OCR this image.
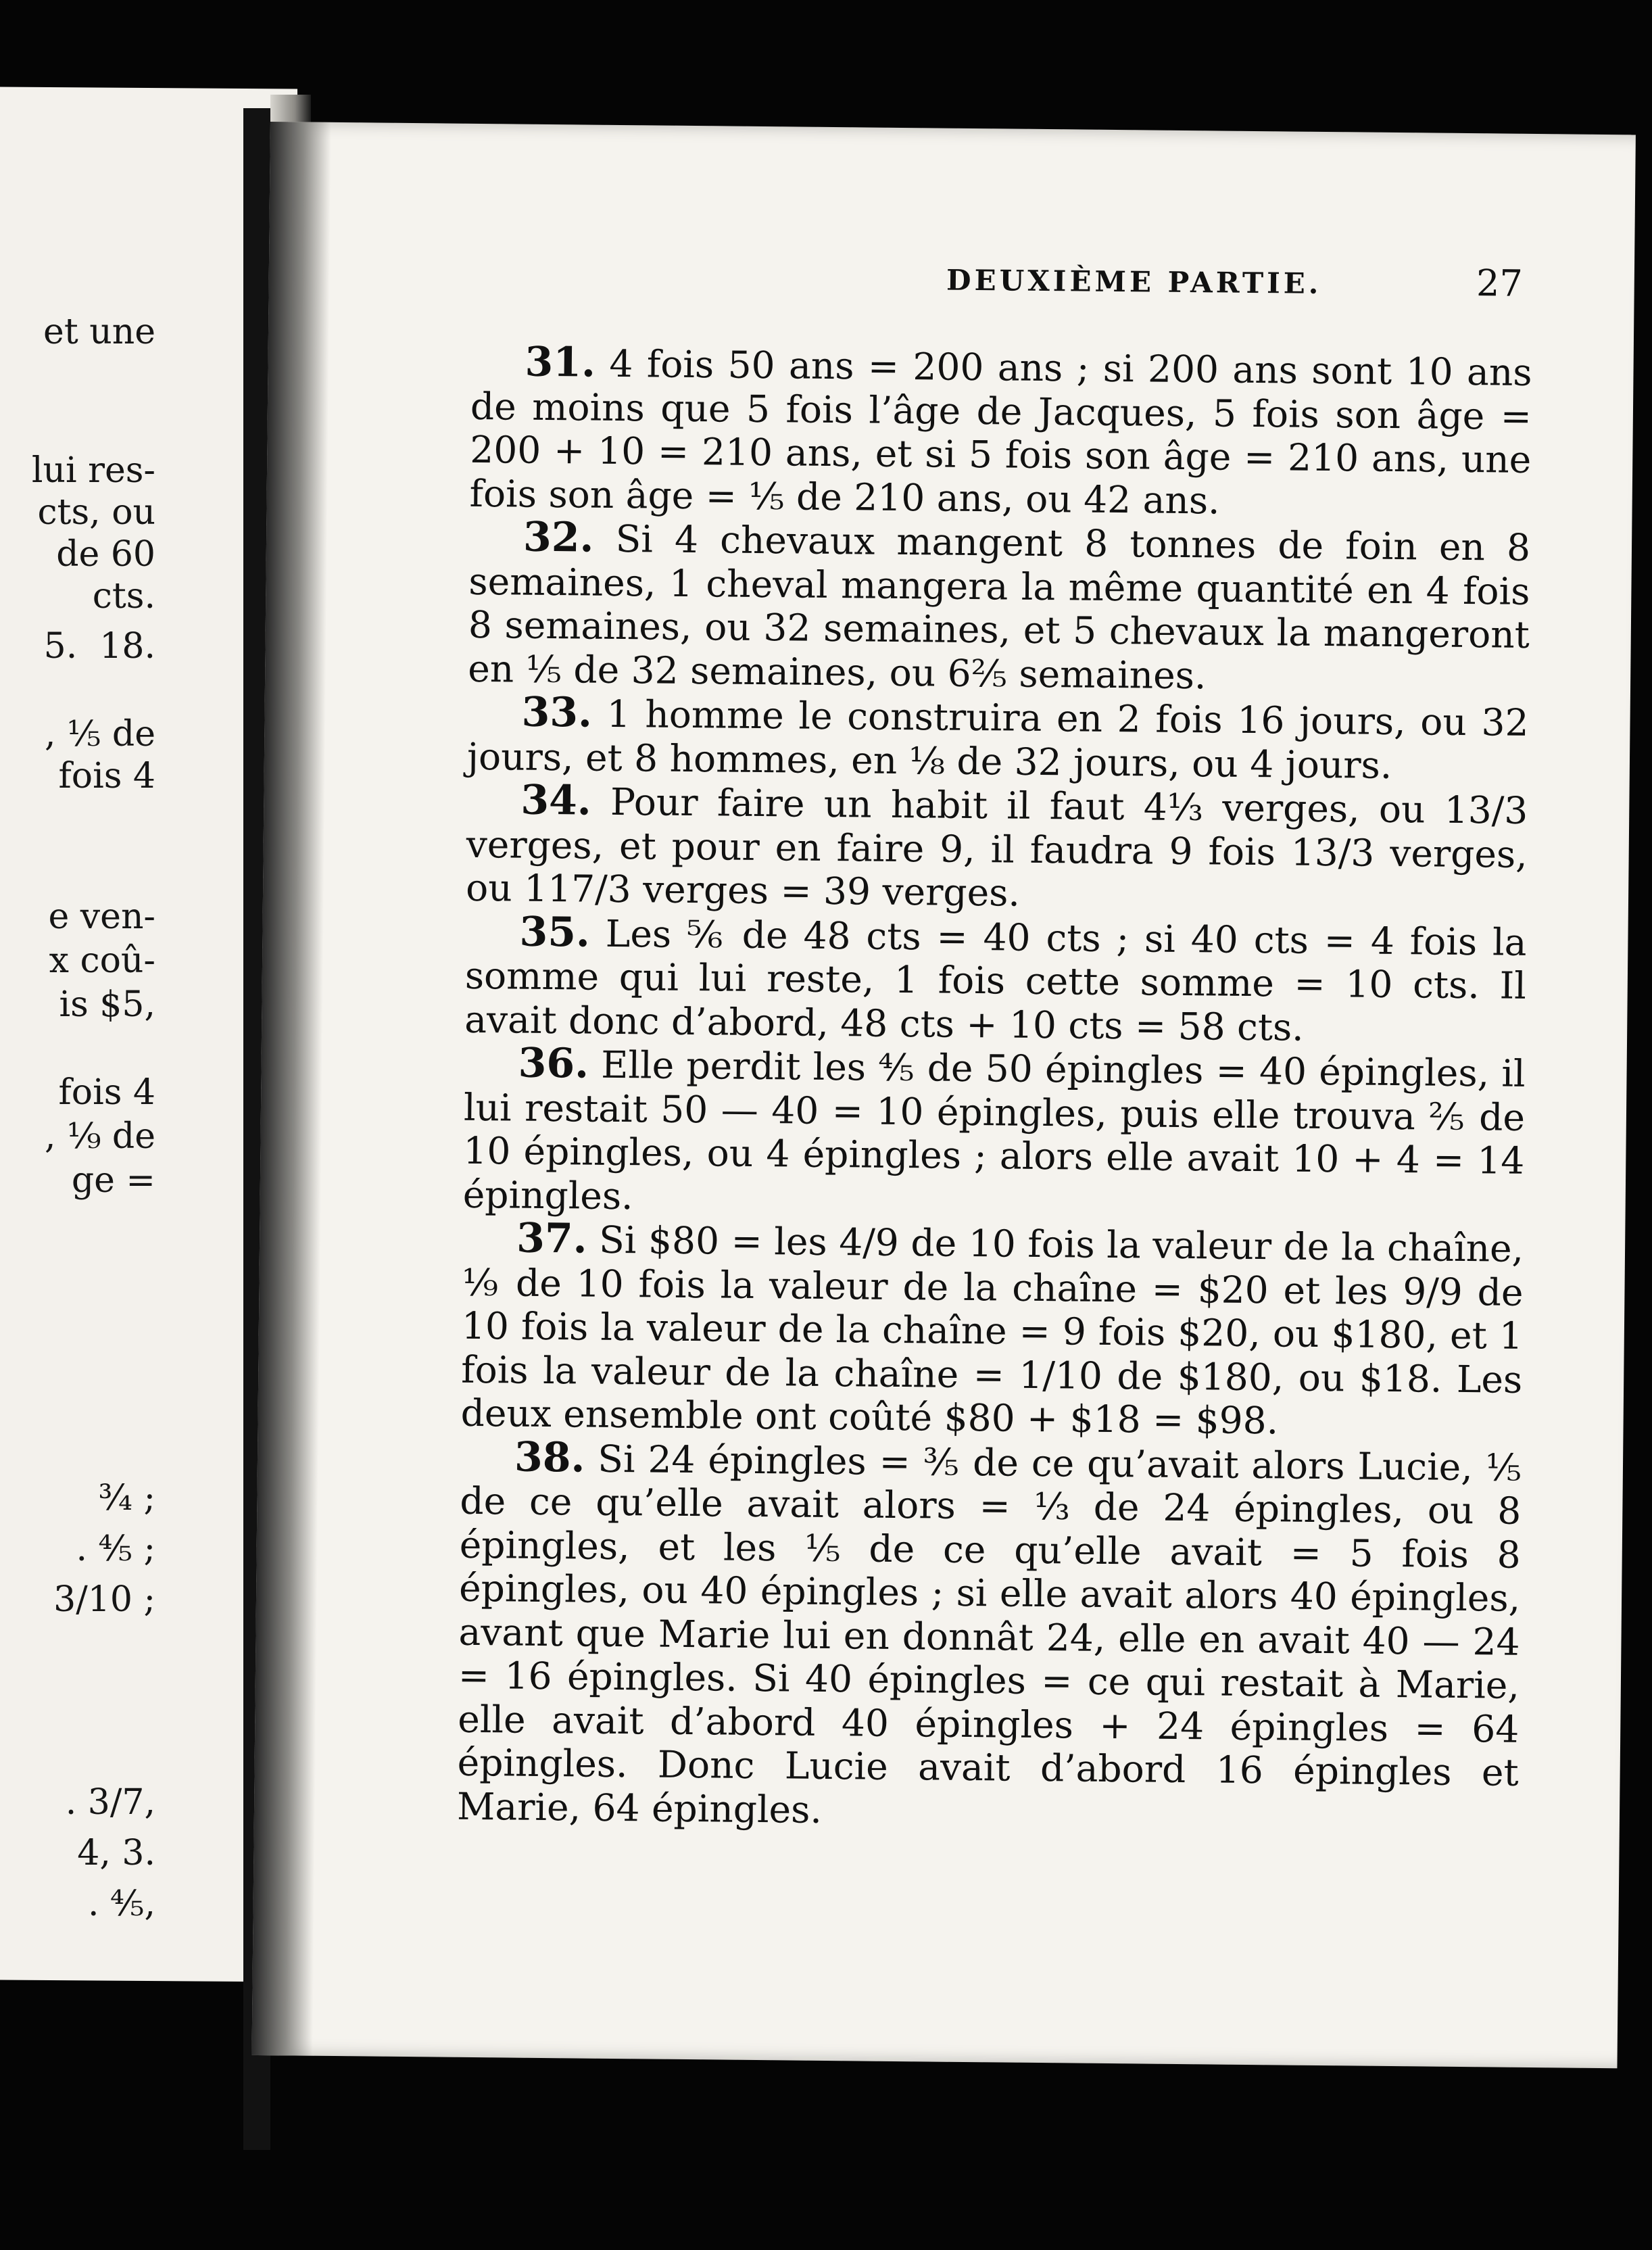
et une
lui res-
cts, ou
de 60
cts.
5.  18.
, ⅕ de
fois 4
e ven-
x coû-
is $5,
fois 4
, ⅑ de
ge =
¾ ;
. ⅘ ;
3/10 ;
. 3/7,
4, 3.
. ⅘,
DEUXIÈME PARTIE.	27

31. 4 fois 50 ans = 200 ans ; si 200 ans sont 10 ans de moins que 5 fois l’âge de Jacques, 5 fois son âge = 200 + 10 = 210 ans, et si 5 fois son âge = 210 ans, une fois son âge = ⅕ de 210 ans, ou 42 ans.

32. Si 4 chevaux mangent 8 tonnes de foin en 8 semaines, 1 cheval mangera la même quantité en 4 fois 8 semaines, ou 32 semaines, et 5 chevaux la mangeront en ⅕ de 32 semaines, ou 6⅖ semaines.

33. 1 homme le construira en 2 fois 16 jours, ou 32 jours, et 8 hommes, en ⅛ de 32 jours, ou 4 jours.

34. Pour faire un habit il faut 4⅓ verges, ou 13/3 verges, et pour en faire 9, il faudra 9 fois 13/3 verges, ou 117/3 verges = 39 verges.

35. Les ⅚ de 48 cts = 40 cts ; si 40 cts = 4 fois la somme qui lui reste, 1 fois cette somme = 10 cts. Il avait donc d’abord, 48 cts + 10 cts = 58 cts.

36. Elle perdit les ⅘ de 50 épingles = 40 épingles, il lui restait 50 — 40 = 10 épingles, puis elle trouva ⅖ de 10 épingles, ou 4 épingles ; alors elle avait 10 + 4 = 14 épingles.

37. Si $80 = les 4/9 de 10 fois la valeur de la chaîne, ⅑ de 10 fois la valeur de la chaîne = $20 et les 9/9 de 10 fois la valeur de la chaîne = 9 fois $20, ou $180, et 1 fois la valeur de la chaîne = 1/10 de $180, ou $18. Les deux ensemble ont coûté $80 + $18 = $98.

38. Si 24 épingles = ⅗ de ce qu’avait alors Lucie, ⅕ de ce qu’elle avait alors = ⅓ de 24 épingles, ou 8 épingles, et les ⅕ de ce qu’elle avait = 5 fois 8 épingles, ou 40 épingles ; si elle avait alors 40 épingles, avant que Marie lui en donnât 24, elle en avait 40 — 24 = 16 épingles. Si 40 épingles = ce qui restait à Marie, elle avait d’abord 40 épingles + 24 épingles = 64 épingles. Donc Lucie avait d’abord 16 épingles et Marie, 64 épingles.
